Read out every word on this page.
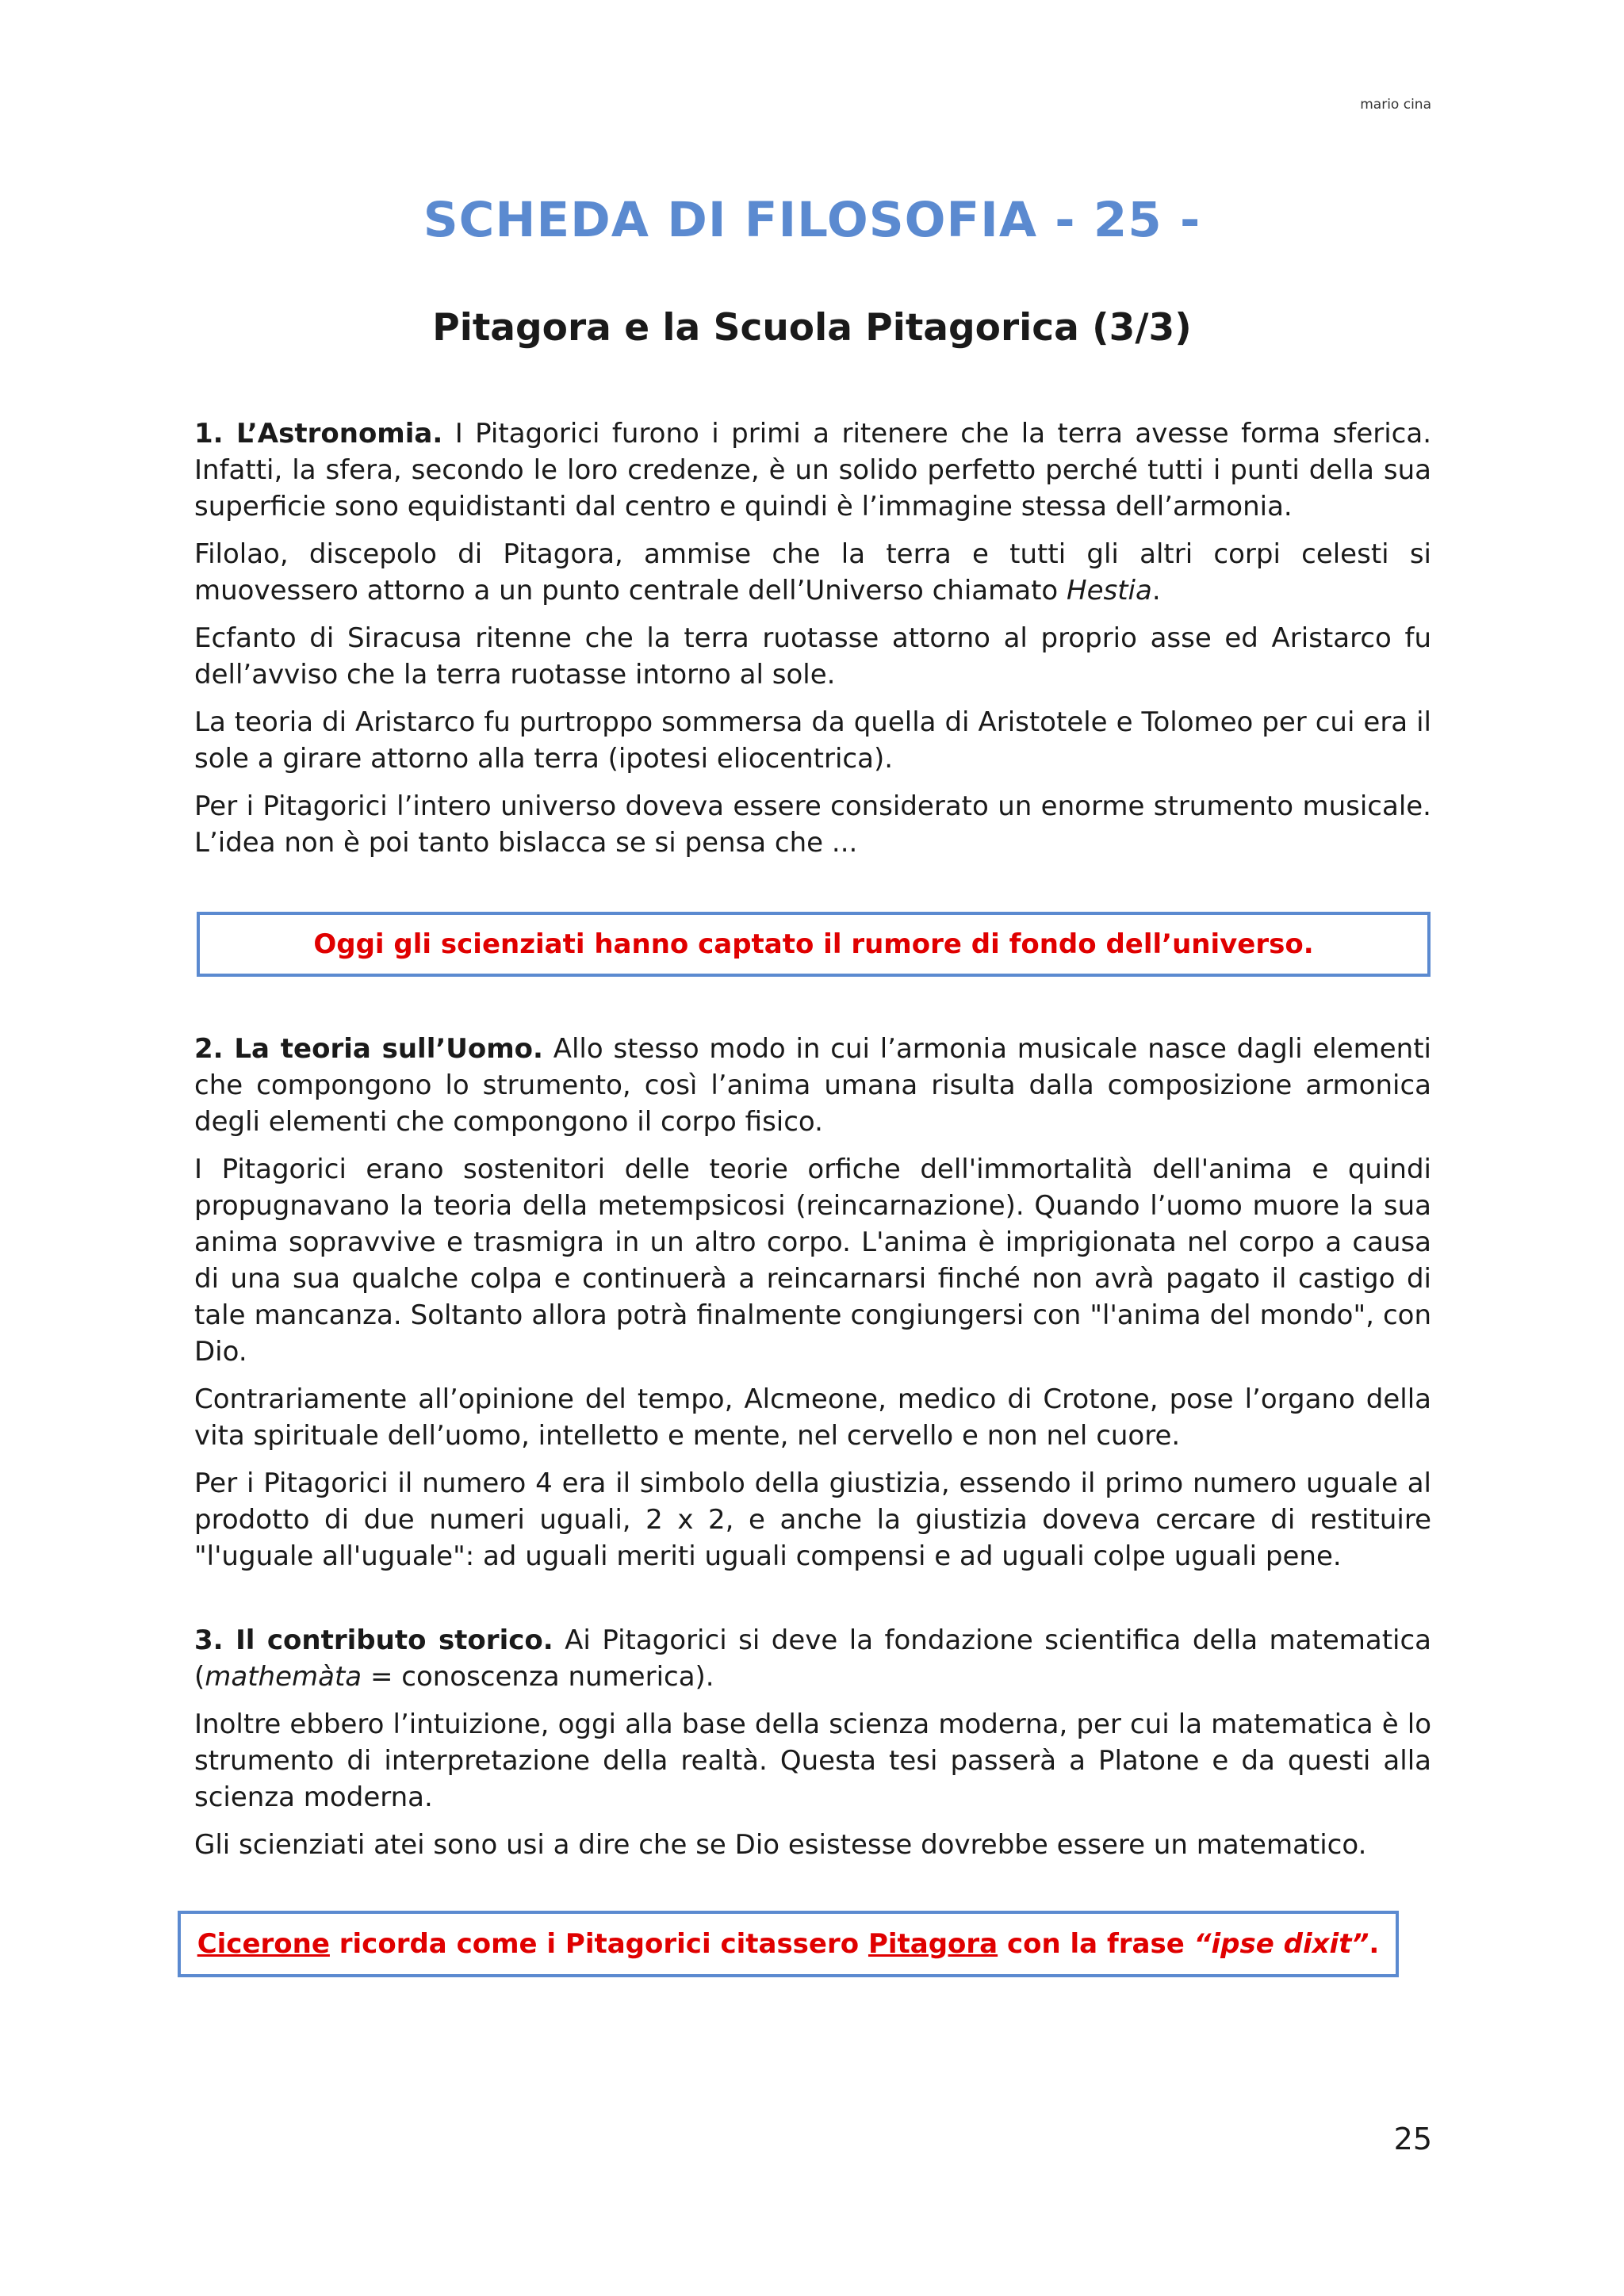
mario cina
SCHEDA DI FILOSOFIA - 25 -
Pitagora e la Scuola Pitagorica (3/3)

1. L’Astronomia. I Pitagorici furono i primi a ritenere che la terra avesse forma sferica. Infatti, la sfera, secondo le loro credenze, è un solido perfetto perché tutti i punti della sua superficie sono equidistanti dal centro e quindi è l’immagine stessa dell’armonia.

Filolao, discepolo di Pitagora, ammise che la terra e tutti gli altri corpi celesti si muovessero attorno a un punto centrale dell’Universo chiamato Hestia.

Ecfanto di Siracusa ritenne che la terra ruotasse attorno al proprio asse ed Aristarco fu dell’avviso che la terra ruotasse intorno al sole.

La teoria di Aristarco fu purtroppo sommersa da quella di Aristotele e Tolomeo per cui era il sole a girare attorno alla terra (ipotesi eliocentrica).

Per i Pitagorici l’intero universo doveva essere considerato un enorme strumento musicale. L’idea non è poi tanto bislacca se si pensa che ...

Oggi gli scienziati hanno captato il rumore di fondo dell’universo.

2. La teoria sull’Uomo. Allo stesso modo in cui l’armonia musicale nasce dagli elementi che compongono lo strumento, così l’anima umana risulta dalla composizione armonica degli elementi che compongono il corpo fisico.

I Pitagorici erano sostenitori delle teorie orfiche dell'immortalità dell'anima e quindi propugnavano la teoria della metempsicosi (reincarnazione). Quando l’uomo muore la sua anima sopravvive e trasmigra in un altro corpo. L'anima è imprigionata nel corpo a causa di una sua qualche colpa e continuerà a reincarnarsi finché non avrà pagato il castigo di tale mancanza. Soltanto allora potrà finalmente congiungersi con "l'anima del mondo", con Dio.

Contrariamente all’opinione del tempo, Alcmeone, medico di Crotone, pose l’organo della vita spirituale dell’uomo, intelletto e mente, nel cervello e non nel cuore.

Per i Pitagorici il numero 4 era il simbolo della giustizia, essendo il primo numero uguale al prodotto di due numeri uguali, 2 x 2, e anche la giustizia doveva cercare di restituire "l'uguale all'uguale": ad uguali meriti uguali compensi e ad uguali colpe uguali pene.

3. Il contributo storico. Ai Pitagorici si deve la fondazione scientifica della matematica (mathemàta = conoscenza numerica).

Inoltre ebbero l’intuizione, oggi alla base della scienza moderna, per cui la matematica è lo strumento di interpretazione della realtà. Questa tesi passerà a Platone e da questi alla scienza moderna.

Gli scienziati atei sono usi a dire che se Dio esistesse dovrebbe essere un matematico.

Cicerone ricorda come i Pitagorici citassero Pitagora con la frase “ipse dixit”.
25
